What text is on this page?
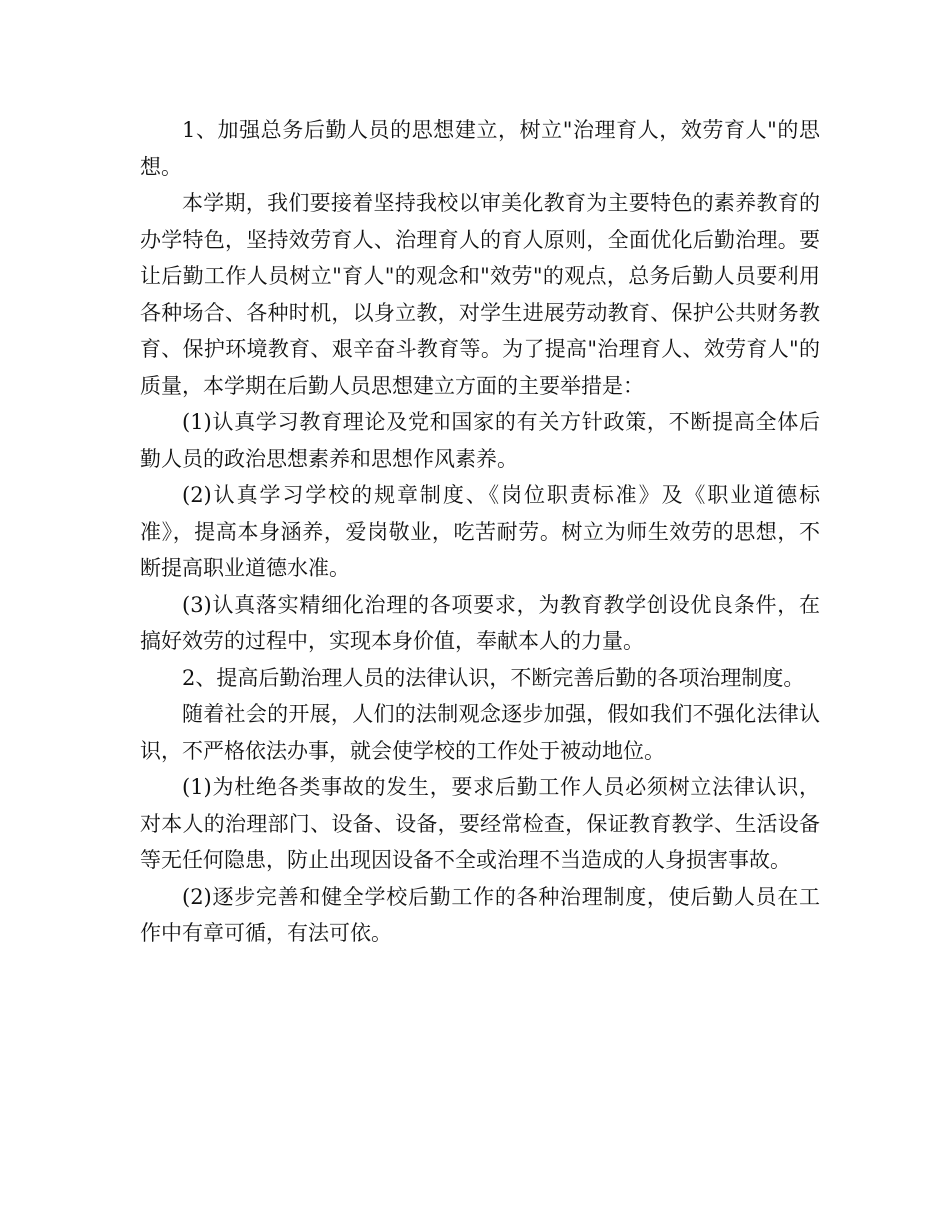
1、加强总务后勤人员的思想建立，树立"治理育人，效劳育人"的思想。

本学期，我们要接着坚持我校以审美化教育为主要特色的素养教育的办学特色，坚持效劳育人、治理育人的育人原则，全面优化后勤治理。要让后勤工作人员树立"育人"的观念和"效劳"的观点，总务后勤人员要利用各种场合、各种时机，以身立教，对学生进展劳动教育、保护公共财务教育、保护环境教育、艰辛奋斗教育等。为了提高"治理育人、效劳育人"的质量，本学期在后勤人员思想建立方面的主要举措是：

(1)认真学习教育理论及党和国家的有关方针政策，不断提高全体后勤人员的政治思想素养和思想作风素养。

(2)认真学习学校的规章制度、《岗位职责标准》及《职业道德标准》，提高本身涵养，爱岗敬业，吃苦耐劳。树立为师生效劳的思想，不断提高职业道德水准。

(3)认真落实精细化治理的各项要求，为教育教学创设优良条件，在搞好效劳的过程中，实现本身价值，奉献本人的力量。

2、提高后勤治理人员的法律认识，不断完善后勤的各项治理制度。

随着社会的开展，人们的法制观念逐步加强，假如我们不强化法律认识，不严格依法办事，就会使学校的工作处于被动地位。

(1)为杜绝各类事故的发生，要求后勤工作人员必须树立法律认识，对本人的治理部门、设备、设备，要经常检查，保证教育教学、生活设备等无任何隐患，防止出现因设备不全或治理不当造成的人身损害事故。

(2)逐步完善和健全学校后勤工作的各种治理制度，使后勤人员在工作中有章可循，有法可依。
